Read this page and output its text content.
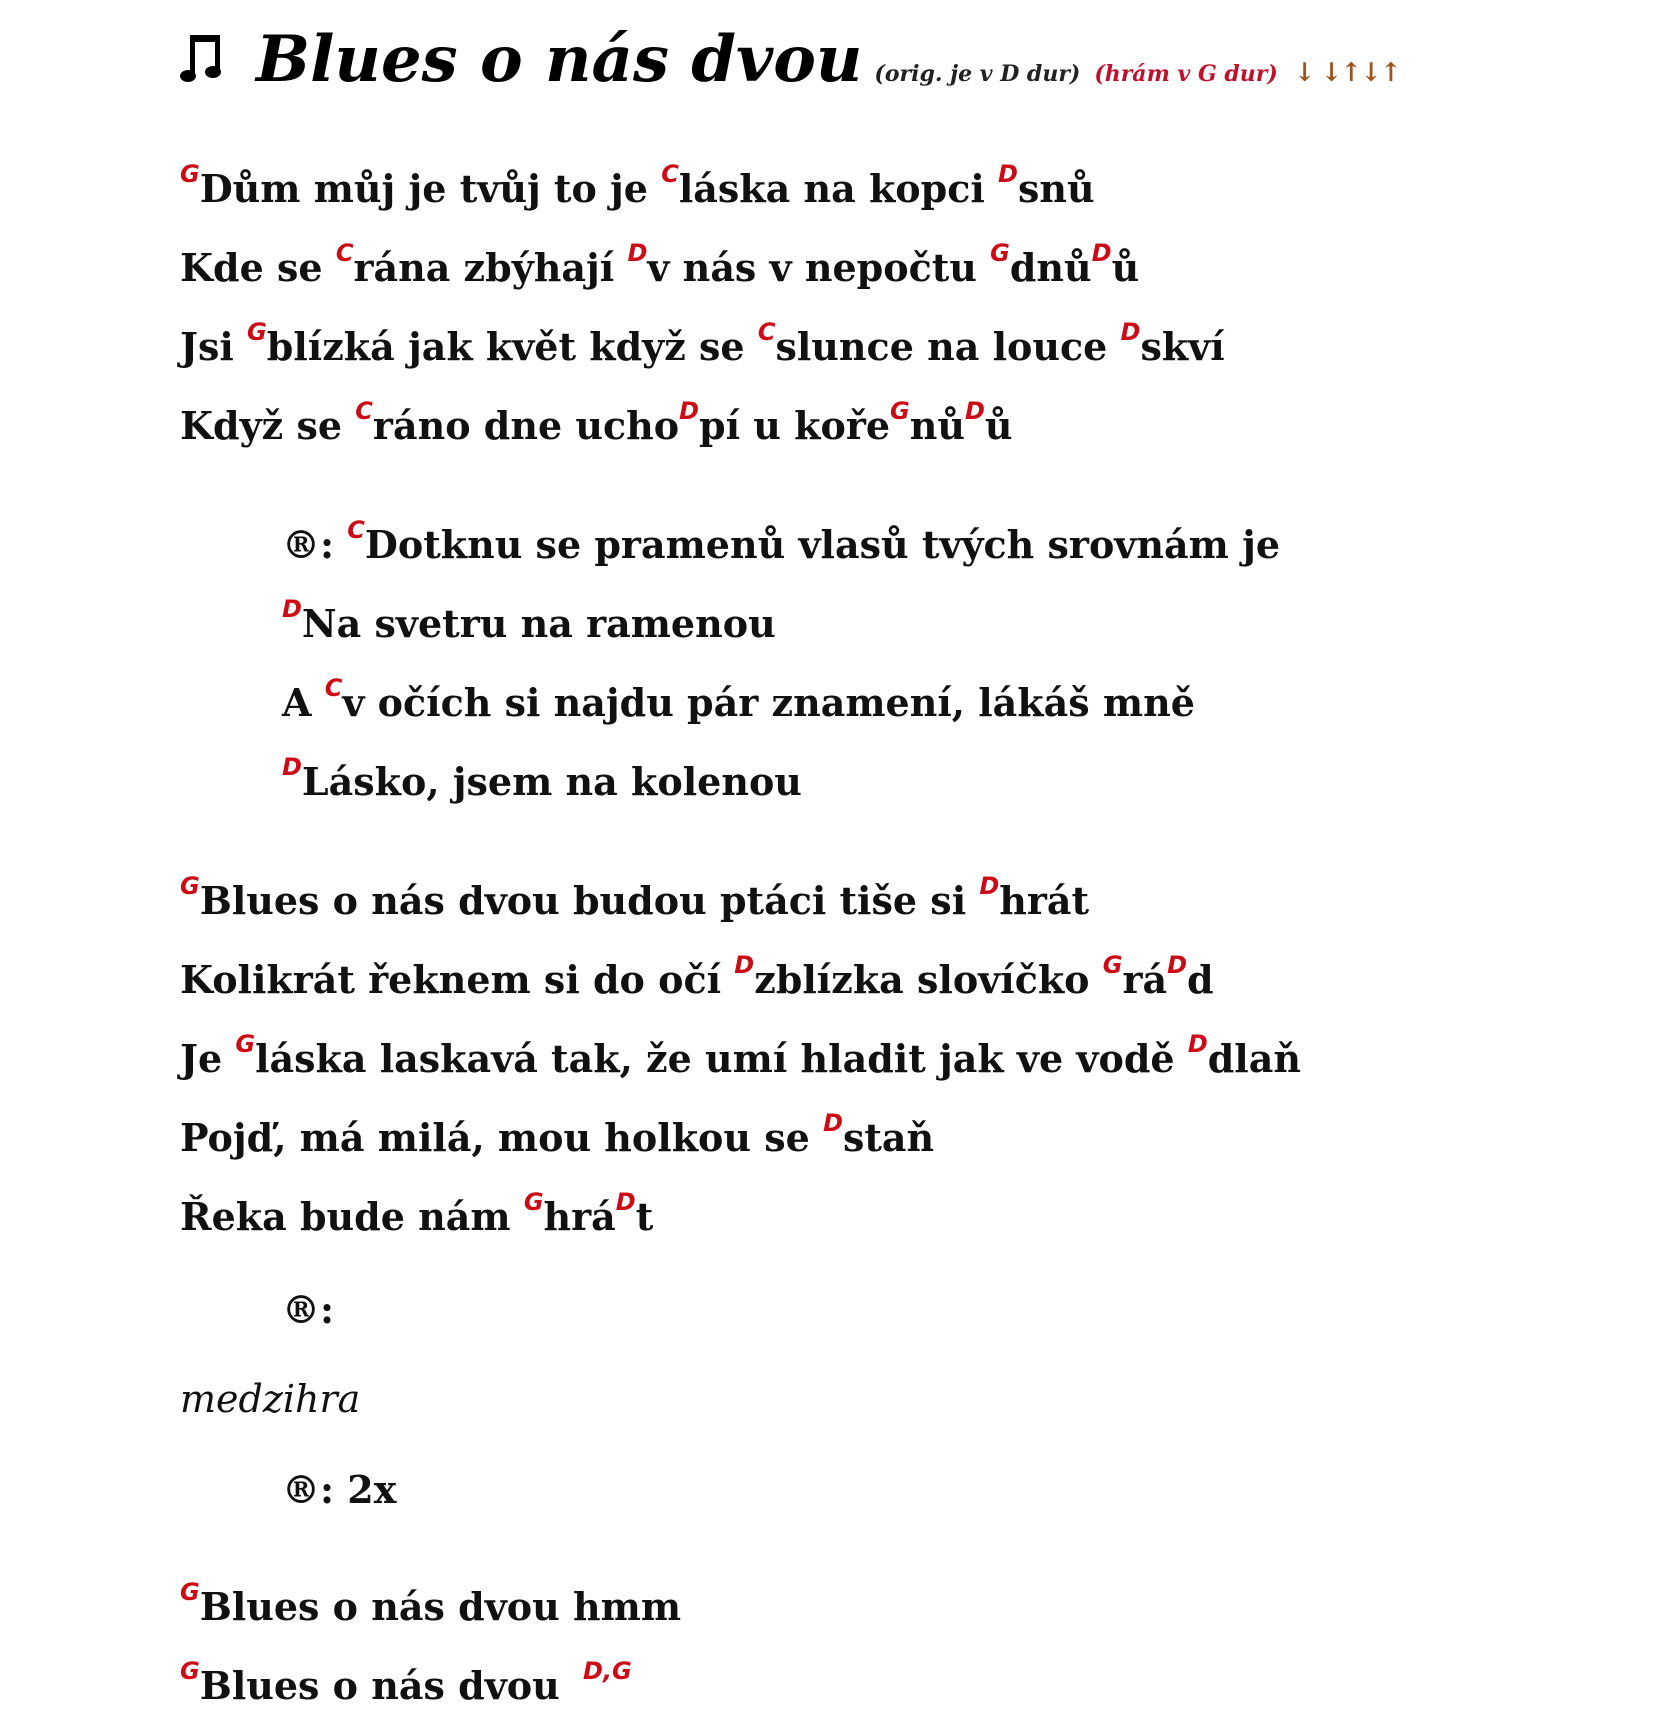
Blues o nás dvou (orig. je v D dur) (hrám v G dur) ↓ ↓↑↓↑
GDům můj je tvůj to je Cláska na kopci Dsnů
Kde se Crána zbýhají Dv nás v nepočtu GdnůDů
Jsi Gblízká jak květ když se Cslunce na louce Dskví
Když se Cráno dne uchoDpí u kořeGnůDů
®: CDotknu se pramenů vlasů tvých srovnám je
DNa svetru na ramenou
A Cv očích si najdu pár znamení, lákáš mně
DLásko, jsem na kolenou
GBlues o nás dvou budou ptáci tiše si Dhrát
Kolikrát řeknem si do očí Dzblízka slovíčko GráDd
Je Gláska laskavá tak, že umí hladit jak ve vodě Ddlaň
Pojď, má milá, mou holkou se Dstaň
Řeka bude nám GhráDt
®:
medzihra
®: 2x
GBlues o nás dvou hmm
GBlues o nás dvou D,G
